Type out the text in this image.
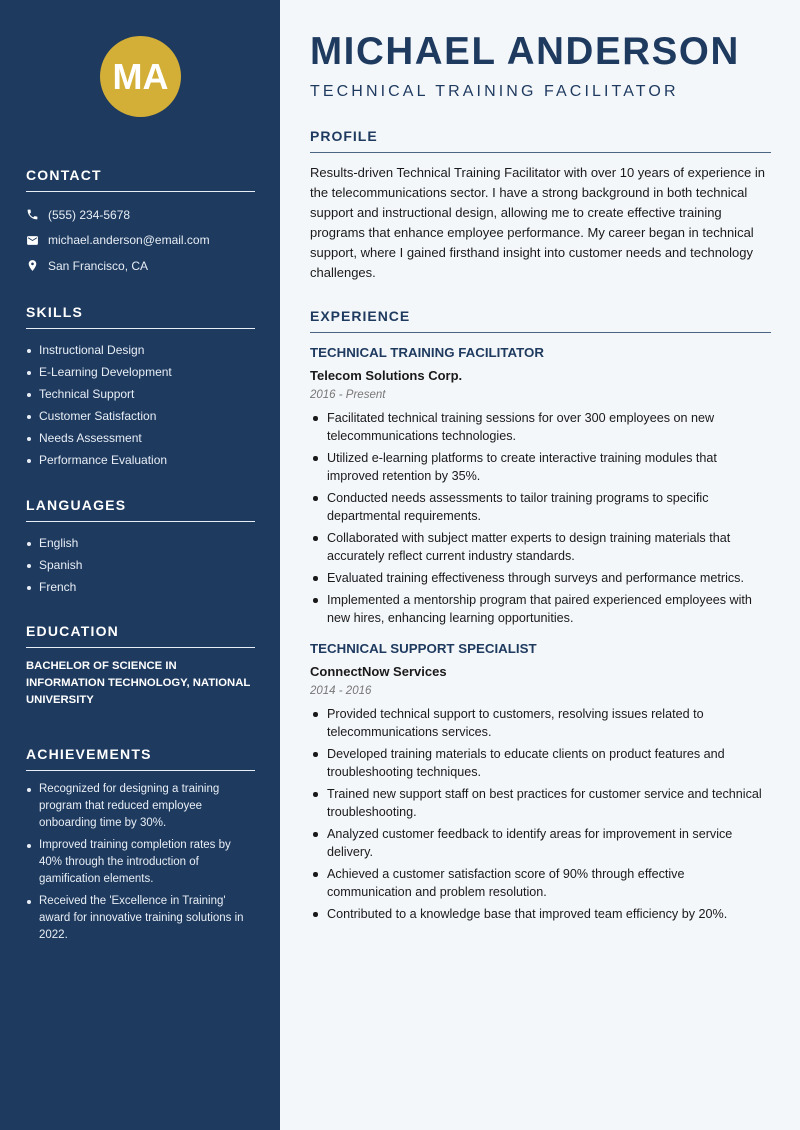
MA
CONTACT
(555) 234-5678
michael.anderson@email.com
San Francisco, CA
SKILLS
Instructional Design
E-Learning Development
Technical Support
Customer Satisfaction
Needs Assessment
Performance Evaluation
LANGUAGES
English
Spanish
French
EDUCATION
BACHELOR OF SCIENCE IN INFORMATION TECHNOLOGY, NATIONAL UNIVERSITY
ACHIEVEMENTS
Recognized for designing a training program that reduced employee onboarding time by 30%.
Improved training completion rates by 40% through the introduction of gamification elements.
Received the 'Excellence in Training' award for innovative training solutions in 2022.
MICHAEL ANDERSON
TECHNICAL TRAINING FACILITATOR
PROFILE
Results-driven Technical Training Facilitator with over 10 years of experience in the telecommunications sector. I have a strong background in both technical support and instructional design, allowing me to create effective training programs that enhance employee performance. My career began in technical support, where I gained firsthand insight into customer needs and technology challenges.
EXPERIENCE
TECHNICAL TRAINING FACILITATOR
Telecom Solutions Corp.
2016 - Present
Facilitated technical training sessions for over 300 employees on new telecommunications technologies.
Utilized e-learning platforms to create interactive training modules that improved retention by 35%.
Conducted needs assessments to tailor training programs to specific departmental requirements.
Collaborated with subject matter experts to design training materials that accurately reflect current industry standards.
Evaluated training effectiveness through surveys and performance metrics.
Implemented a mentorship program that paired experienced employees with new hires, enhancing learning opportunities.
TECHNICAL SUPPORT SPECIALIST
ConnectNow Services
2014 - 2016
Provided technical support to customers, resolving issues related to telecommunications services.
Developed training materials to educate clients on product features and troubleshooting techniques.
Trained new support staff on best practices for customer service and technical troubleshooting.
Analyzed customer feedback to identify areas for improvement in service delivery.
Achieved a customer satisfaction score of 90% through effective communication and problem resolution.
Contributed to a knowledge base that improved team efficiency by 20%.
